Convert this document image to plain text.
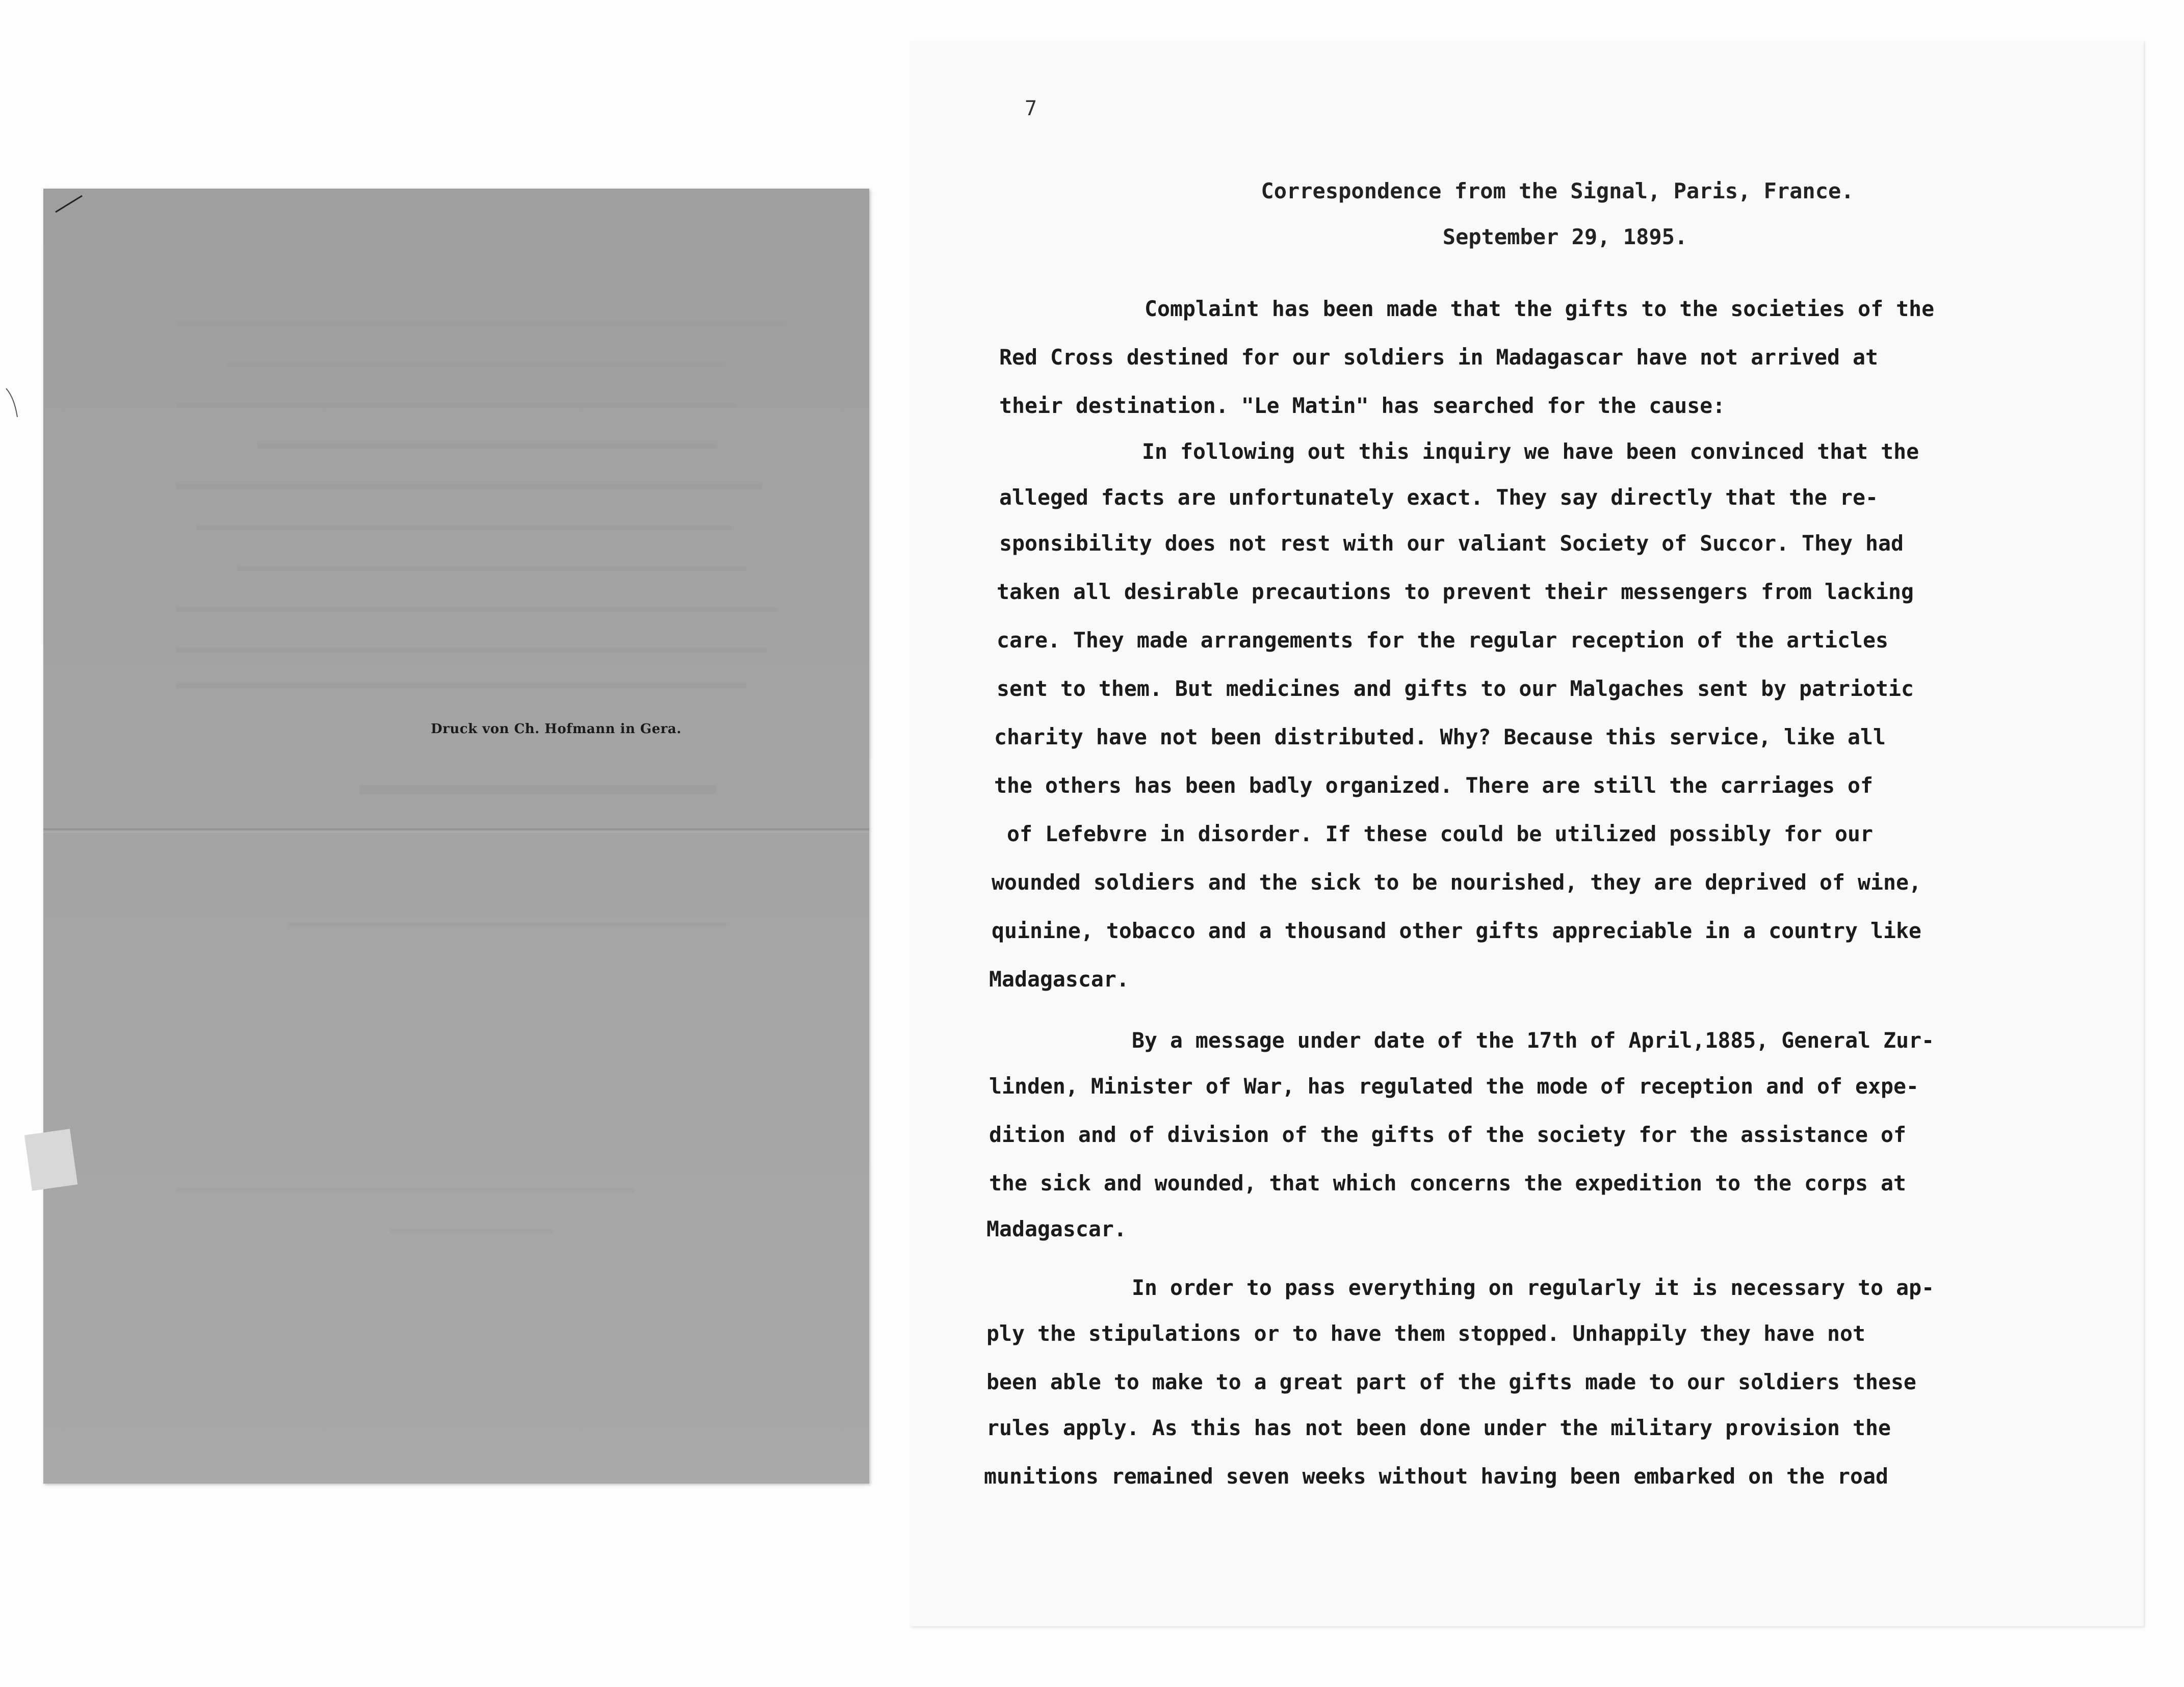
Druck von Ch. Hofmann in Gera.
7
Correspondence from the Signal, Paris, France.
September 29, 1895.
Complaint has been made that the gifts to the societies of the
Red Cross destined for our soldiers in Madagascar have not arrived at
their destination. "Le Matin" has searched for the cause:
In following out this inquiry we have been convinced that the
alleged facts are unfortunately exact. They say directly that the re-
sponsibility does not rest with our valiant Society of Succor. They had
taken all desirable precautions to prevent their messengers from lacking
care. They made arrangements for the regular reception of the articles
sent to them. But medicines and gifts to our Malgaches sent by patriotic
charity have not been distributed. Why? Because this service, like all
the others has been badly organized. There are still the carriages of
of Lefebvre in disorder. If these could be utilized possibly for our
wounded soldiers and the sick to be nourished, they are deprived of wine,
quinine, tobacco and a thousand other gifts appreciable in a country like
Madagascar.
By a message under date of the 17th of April,1885, General Zur-
linden, Minister of War, has regulated the mode of reception and of expe-
dition and of division of the gifts of the society for the assistance of
the sick and wounded, that which concerns the expedition to the corps at
Madagascar.
In order to pass everything on regularly it is necessary to ap-
ply the stipulations or to have them stopped. Unhappily they have not
been able to make to a great part of the gifts made to our soldiers these
rules apply. As this has not been done under the military provision the
munitions remained seven weeks without having been embarked on the road
